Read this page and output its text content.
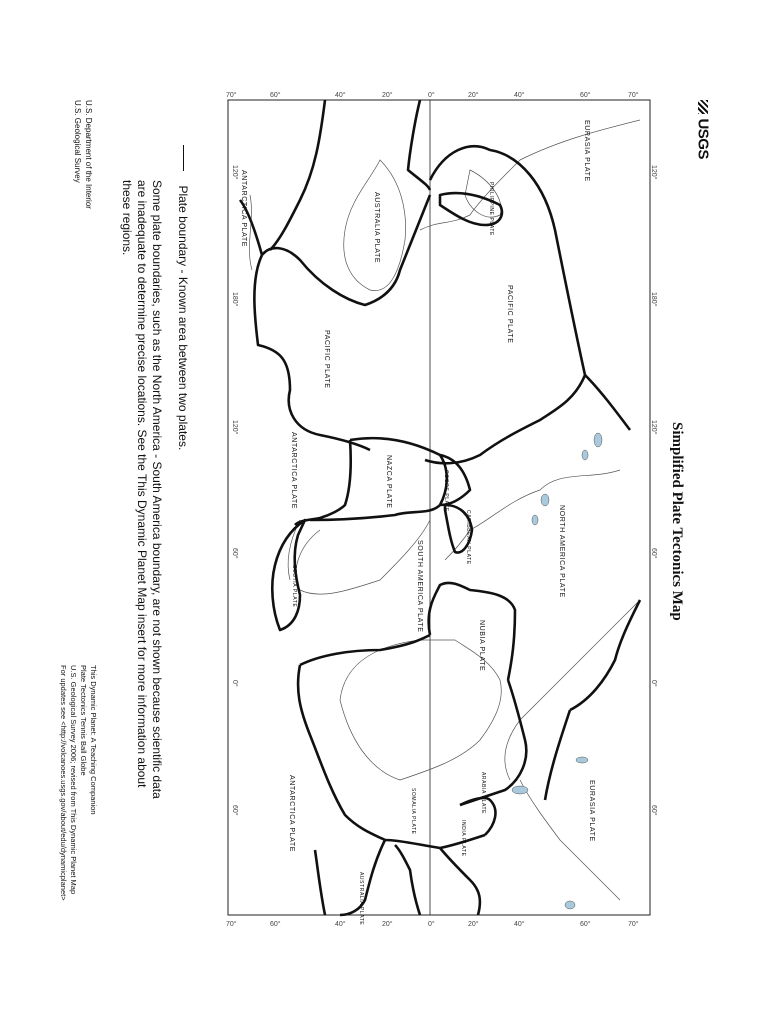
EURASIA PLATE
PHILIPPINE PLATE
PACIFIC PLATE
NORTH AMERICA PLATE
COCOS PLATE
CARIBBEAN PLATE
NAZCA PLATE
SOUTH AMERICA PLATE
SCOTIA PLATE
NUBIA PLATE
ARABIA PLATE
SOMALIA PLATE
INDIA PLATE
AUSTRALIA PLATE
EURASIA PLATE
ANTARCTICA PLATE	AUSTRALIA PLATE
PACIFIC PLATE
ANTARCTICA PLATE
ANTARCTICA PLATE
70°	60°	40°	20°	0°	20°	40°	60°	70°
70°	60°	40°	20°	0°	20°	40°	60°	70°
120°
180°
120°
60°
0°
60°
120°
180°
120°
60°
0°
60°
USGS
Simplified Plate Tectonics Map
Plate boundary - Known area between two plates.
Some plate boundaries, such as the North America - South America boundary, are not shown because scientific data
are inadequate to determine precise locations. See the This Dynamic Planet Map insert for more information about
these regions.
U.S. Department of the Interior
U.S. Geological Survey
This Dynamic Planet: A Teaching Companion
Plate Tectonics Tennis Ball Globe
U.S. Geological Survey 2006; revised from This Dynamic Planet Map
For updates see <http://volcanoes.usgs.gov/about/edu/dynamicplanet>
